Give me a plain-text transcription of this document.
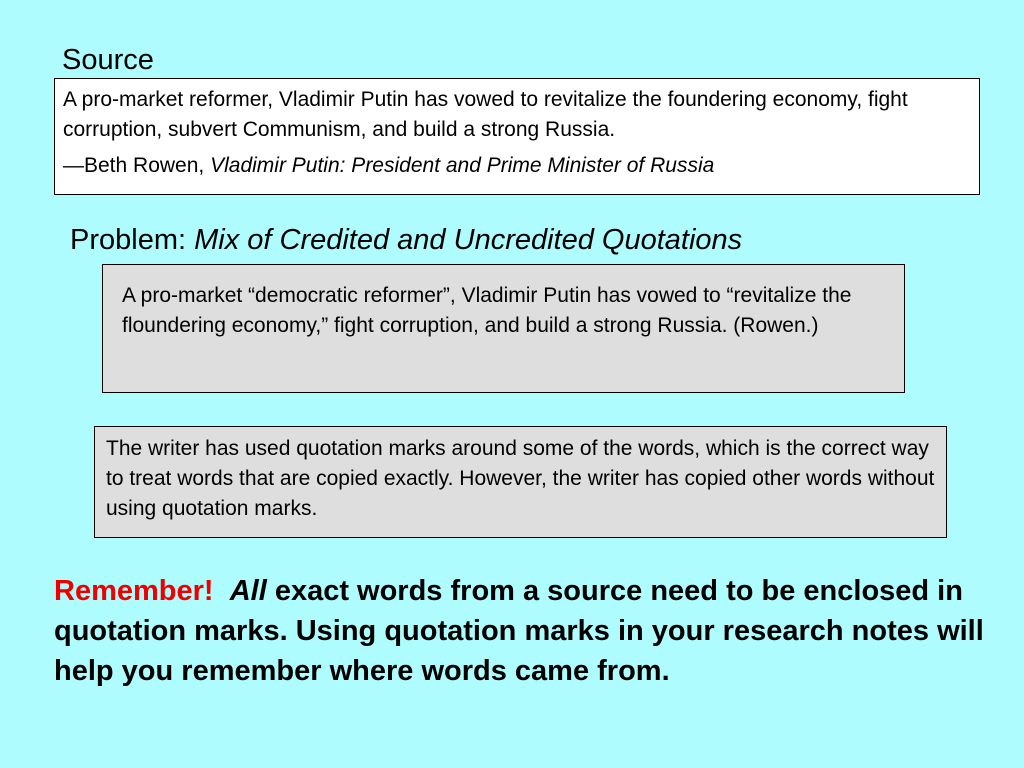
Source

A pro-market reformer, Vladimir Putin has vowed to revitalize the foundering economy, fight corruption, subvert Communism, and build a strong Russia.

—Beth Rowen, Vladimir Putin: President and Prime Minister of Russia

Problem: Mix of Credited and Uncredited Quotations
A pro-market “democratic reformer”, Vladimir Putin has vowed to “revitalize the floundering economy,” fight corruption, and build a strong Russia. (Rowen.)
The writer has used quotation marks around some of the words, which is the correct way to treat words that are copied exactly. However, the writer has copied other words without using quotation marks.

Remember! All exact words from a source need to be enclosed in quotation marks. Using quotation marks in your research notes will help you remember where words came from.
